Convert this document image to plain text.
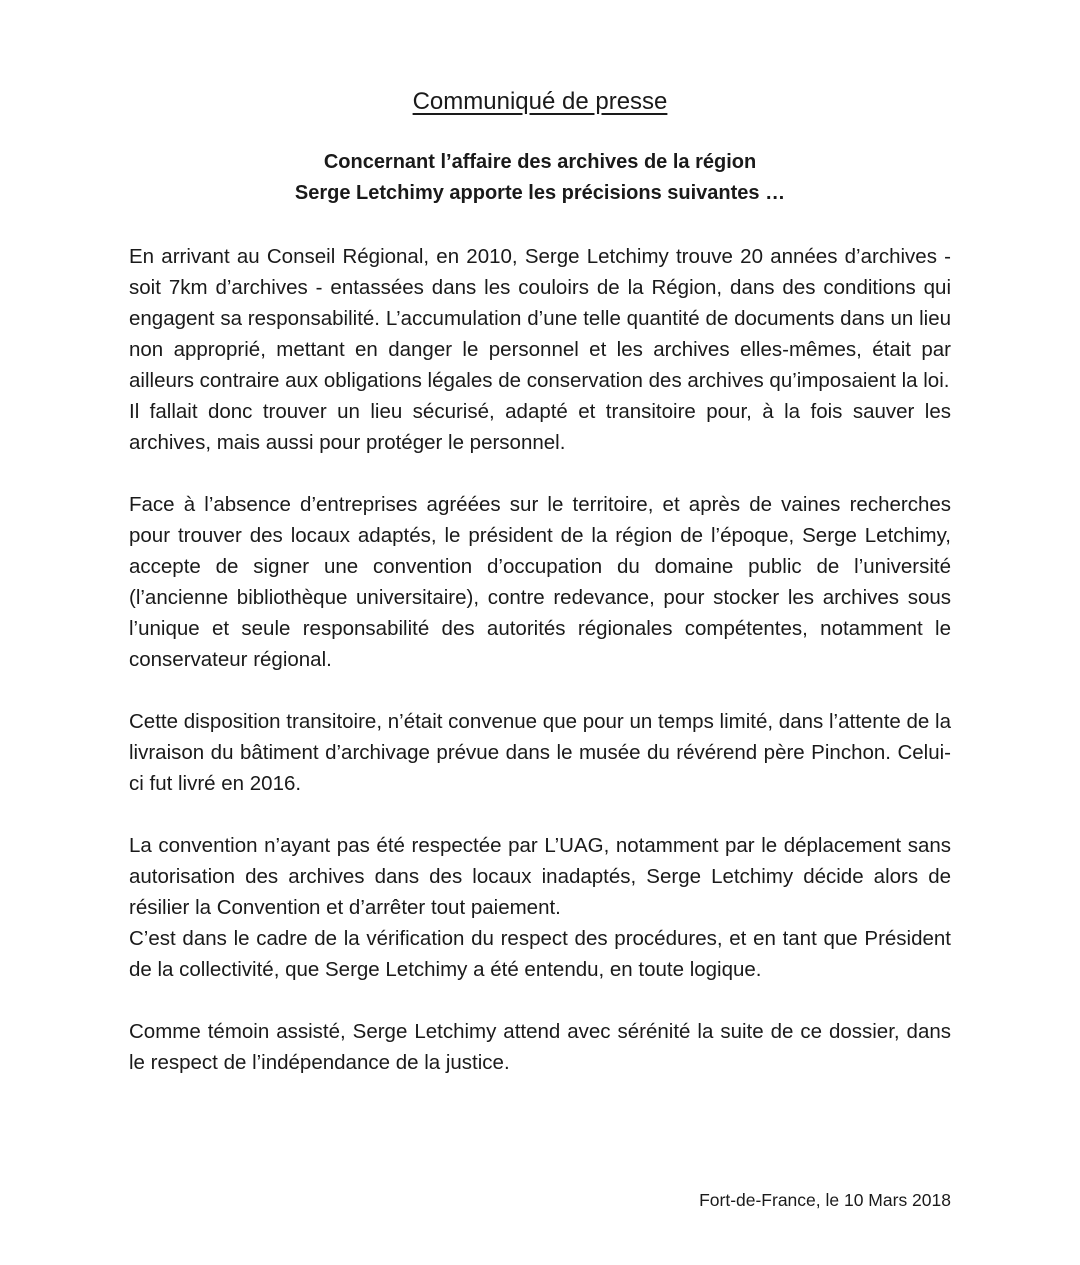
Communiqué de presse
Concernant l’affaire des archives de la région
Serge Letchimy apporte les précisions suivantes …

En arrivant au Conseil Régional, en 2010, Serge Letchimy trouve 20 années d’archives - soit 7km d’archives - entassées dans les couloirs de la Région, dans des conditions qui engagent sa responsabilité. L’accumulation d’une telle quantité de documents dans un lieu non approprié, mettant en danger le personnel et les archives elles-mêmes, était par ailleurs contraire aux obligations légales de conservation des archives qu’imposaient la loi.

Il fallait donc trouver un lieu sécurisé, adapté et transitoire pour, à la fois sauver les archives, mais aussi pour protéger le personnel.

Face à l’absence d’entreprises agréées sur le territoire, et après de vaines recherches pour trouver des locaux adaptés, le président de la région de l’époque, Serge Letchimy, accepte de signer une convention d’occupation du domaine public de l’université (l’ancienne bibliothèque universitaire), contre redevance, pour stocker les archives sous l’unique et seule responsabilité des autorités régionales compétentes, notamment le conservateur régional.

Cette disposition transitoire, n’était convenue que pour un temps limité, dans l’attente de la livraison du bâtiment d’archivage prévue dans le musée du révérend père Pinchon. Celui-ci fut livré en 2016.

La convention n’ayant pas été respectée par L’UAG, notamment par le déplacement sans autorisation des archives dans des locaux inadaptés, Serge Letchimy décide alors de résilier la Convention et d’arrêter tout paiement.

C’est dans le cadre de la vérification du respect des procédures, et en tant que Président de la collectivité, que Serge Letchimy a été entendu, en toute logique.

Comme témoin assisté, Serge Letchimy attend avec sérénité la suite de ce dossier, dans le respect de l’indépendance de la justice.

Fort-de-France, le 10 Mars 2018
